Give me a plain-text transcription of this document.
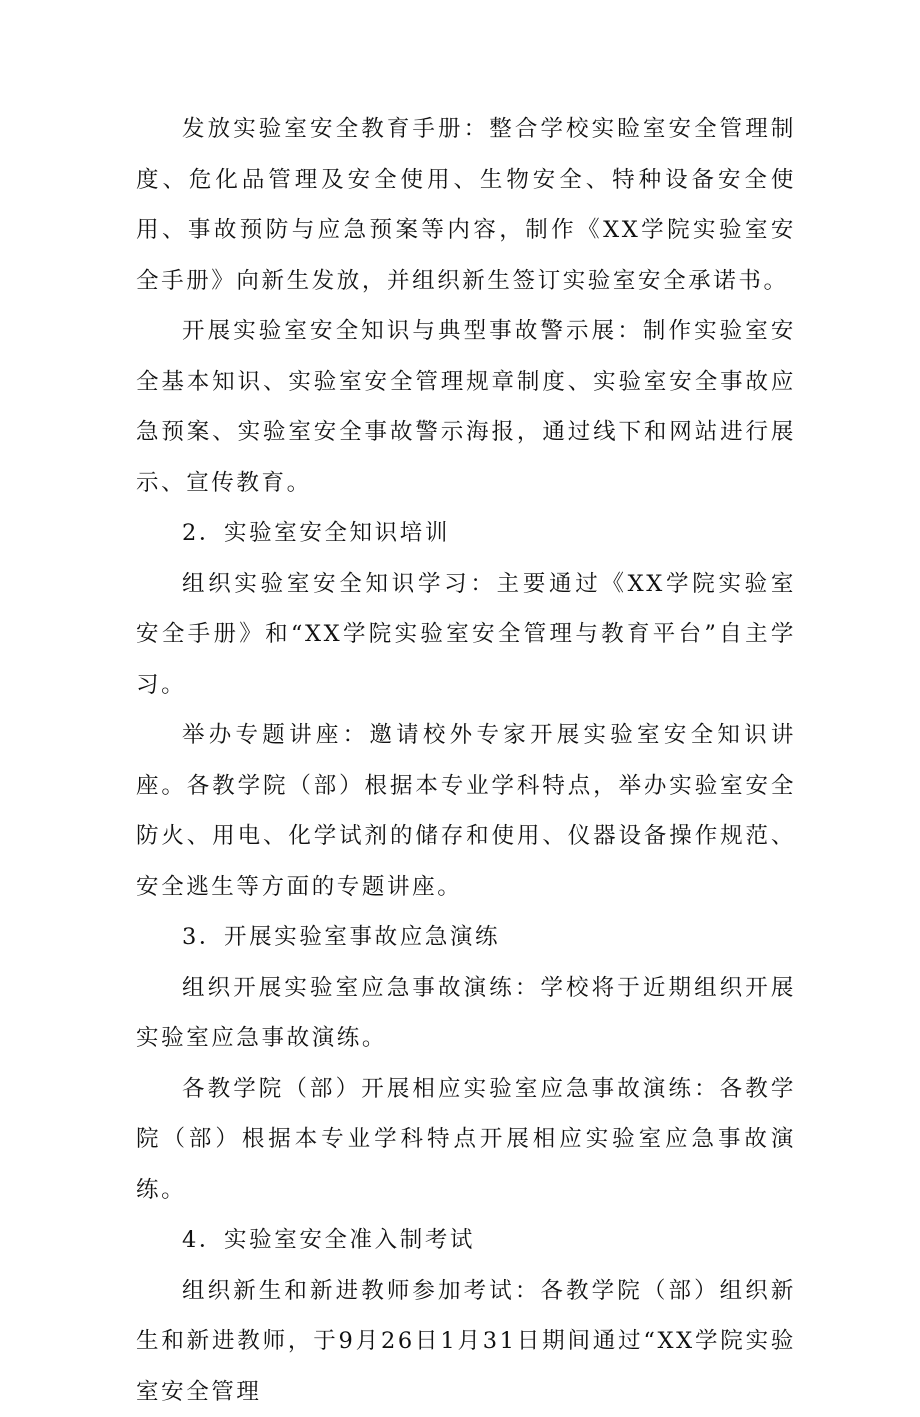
发放实验室安全教育手册：整合学校实睑室安全管理制度、危化品管理及安全使用、生物安全、特种设备安全使用、事故预防与应急预案等内容，制作《XX学院实验室安全手册》向新生发放，并组织新生签订实验室安全承诺书。

开展实验室安全知识与典型事故警示展：制作实验室安全基本知识、实验室安全管理规章制度、实验室安全事故应急预案、实验室安全事故警示海报，通过线下和网站进行展示、宣传教育。

2．实验室安全知识培训

组织实验室安全知识学习：主要通过《XX学院实验室安全手册》和“XX学院实验室安全管理与教育平台”自主学习。

举办专题讲座：邀请校外专家开展实验室安全知识讲座。各教学院（部）根据本专业学科特点，举办实验室安全防火、用电、化学试剂的储存和使用、仪器设备操作规范、安全逃生等方面的专题讲座。

3．开展实验室事故应急演练

组织开展实验室应急事故演练：学校将于近期组织开展实验室应急事故演练。

各教学院（部）开展相应实验室应急事故演练：各教学院（部）根据本专业学科特点开展相应实验室应急事故演练。

4．实验室安全准入制考试

组织新生和新进教师参加考试：各教学院（部）组织新生和新进教师，于9月26日1月31日期间通过“XX学院实验室安全管理
